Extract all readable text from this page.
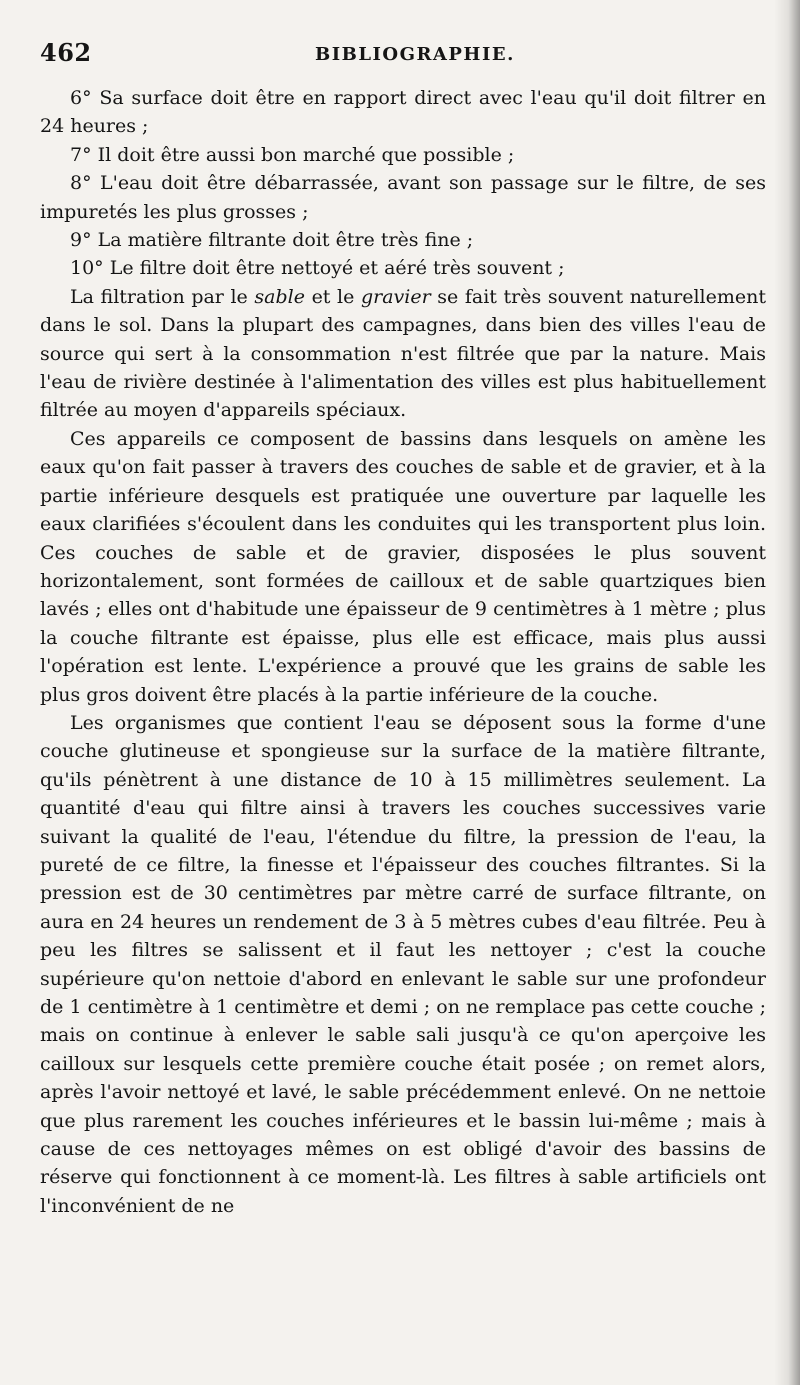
462	BIBLIOGRAPHIE.

6° Sa surface doit être en rapport direct avec l'eau qu'il doit filtrer en 24 heures ;

7° Il doit être aussi bon marché que possible ;

8° L'eau doit être débarrassée, avant son passage sur le filtre, de ses impuretés les plus grosses ;

9° La matière filtrante doit être très fine ;

10° Le filtre doit être nettoyé et aéré très souvent ;

La filtration par le sable et le gravier se fait très souvent naturellement dans le sol. Dans la plupart des campagnes, dans bien des villes l'eau de source qui sert à la consommation n'est filtrée que par la nature. Mais l'eau de rivière destinée à l'alimentation des villes est plus habituellement filtrée au moyen d'appareils spéciaux.

Ces appareils ce composent de bassins dans lesquels on amène les eaux qu'on fait passer à travers des couches de sable et de gravier, et à la partie inférieure desquels est pratiquée une ouverture par laquelle les eaux clarifiées s'écoulent dans les conduites qui les transportent plus loin. Ces couches de sable et de gravier, disposées le plus souvent horizontalement, sont formées de cailloux et de sable quartziques bien lavés ; elles ont d'habitude une épaisseur de 9 centimètres à 1 mètre ; plus la couche filtrante est épaisse, plus elle est efficace, mais plus aussi l'opération est lente. L'expérience a prouvé que les grains de sable les plus gros doivent être placés à la partie inférieure de la couche.

Les organismes que contient l'eau se déposent sous la forme d'une couche glutineuse et spongieuse sur la surface de la matière filtrante, qu'ils pénètrent à une distance de 10 à 15 millimètres seulement. La quantité d'eau qui filtre ainsi à travers les couches successives varie suivant la qualité de l'eau, l'étendue du filtre, la pression de l'eau, la pureté de ce filtre, la finesse et l'épaisseur des couches filtrantes. Si la pression est de 30 centimètres par mètre carré de surface filtrante, on aura en 24 heures un rendement de 3 à 5 mètres cubes d'eau filtrée. Peu à peu les filtres se salissent et il faut les nettoyer ; c'est la couche supérieure qu'on nettoie d'abord en enlevant le sable sur une profondeur de 1 centimètre à 1 centimètre et demi ; on ne remplace pas cette couche ; mais on continue à enlever le sable sali jusqu'à ce qu'on aperçoive les cailloux sur lesquels cette première couche était posée ; on remet alors, après l'avoir nettoyé et lavé, le sable précédemment enlevé. On ne nettoie que plus rarement les couches inférieures et le bassin lui-même ; mais à cause de ces nettoyages mêmes on est obligé d'avoir des bassins de réserve qui fonctionnent à ce moment-là. Les filtres à sable artificiels ont l'inconvénient de ne
